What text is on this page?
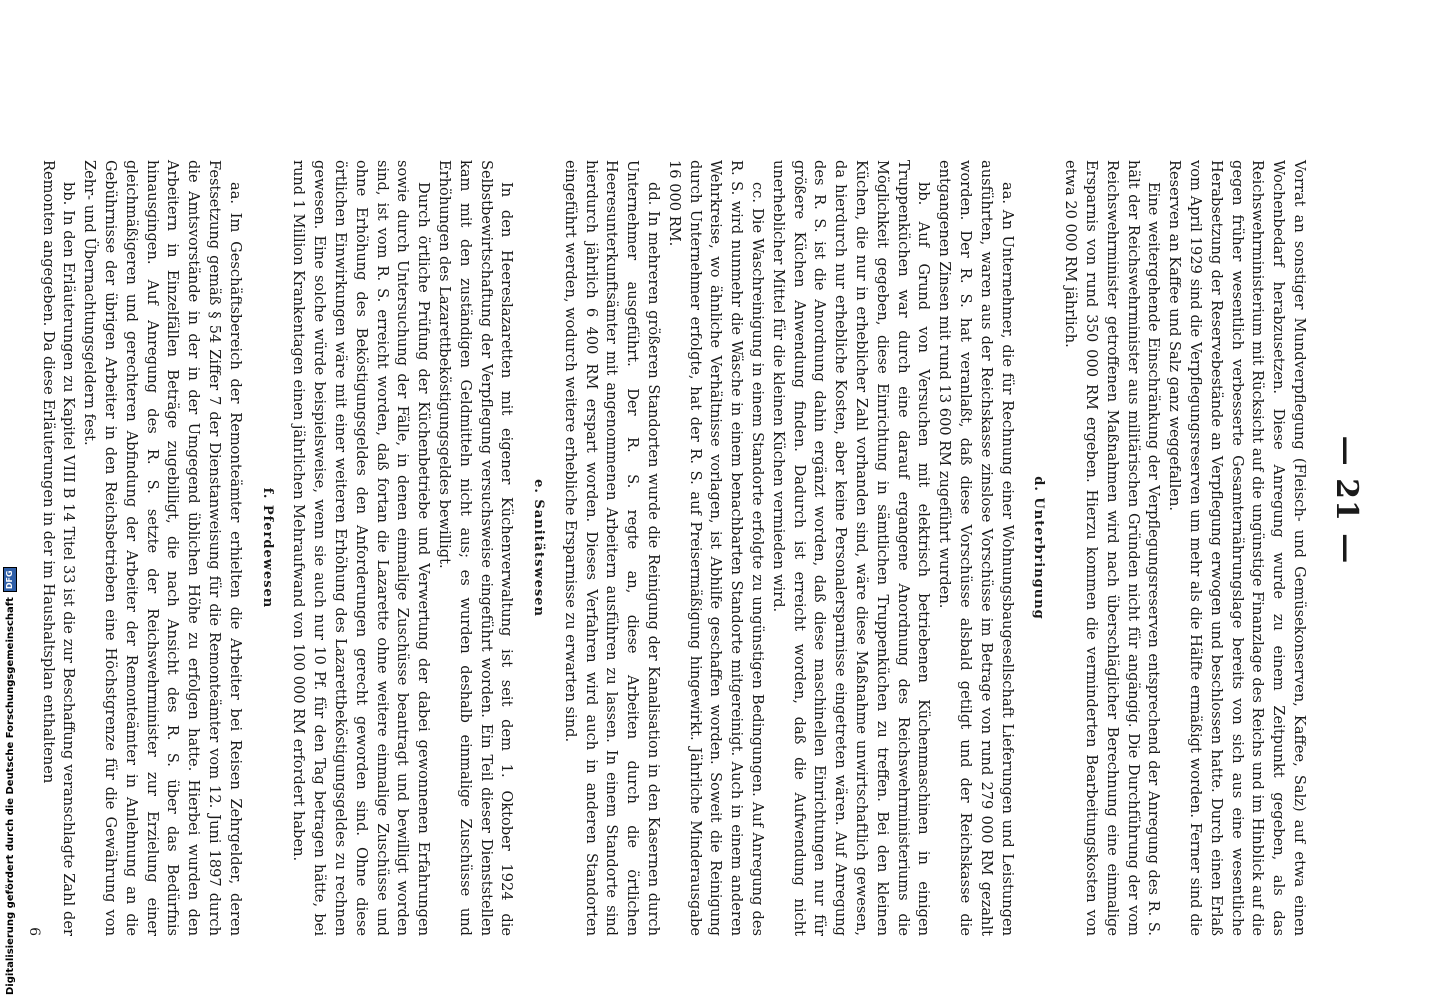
— 21 —

Vorrat an sonstiger Mundverpflegung (Fleisch- und Gemüsekonserven, Kaffee, Salz) auf etwa einen Wochenbedarf herabzusetzen. Diese Anregung wurde zu einem Zeitpunkt gegeben, als das Reichswehrministerium mit Rücksicht auf die ungünstige Finanzlage des Reichs und im Hinblick auf die gegen früher wesentlich verbesserte Gesamternährungslage bereits von sich aus eine wesentliche Herabsetzung der Reservebestände an Verpflegung erwogen und beschlossen hatte. Durch einen Erlaß vom April 1929 sind die Verpflegungsreserven um mehr als die Hälfte ermäßigt worden. Ferner sind die Reserven an Kaffee und Salz ganz weggefallen.

Eine weitergehende Einschränkung der Verpflegungsreserven entsprechend der Anregung des R. S. hält der Reichswehrminister aus militärischen Gründen nicht für angängig. Die Durchführung der vom Reichswehrminister getroffenen Maßnahmen wird nach überschläglicher Berechnung eine einmalige Ersparnis von rund 350 000 RM ergeben. Hierzu kommen die verminderten Bearbeitungskosten von etwa 20 000 RM jährlich.

d. Unterbringung

aa. An Unternehmer, die für Rechnung einer Wohnungsbaugesellschaft Lieferungen und Leistungen ausführten, waren aus der Reichskasse zinslose Vorschüsse im Betrage von rund 279 000 RM gezahlt worden. Der R. S. hat veranlaßt, daß diese Vorschüsse alsbald getilgt und der Reichskasse die entgangenen Zinsen mit rund 13 600 RM zugeführt wurden.

bb. Auf Grund von Versuchen mit elektrisch betriebenen Küchenmaschinen in einigen Truppenküchen war durch eine darauf ergangene Anordnung des Reichswehrministeriums die Möglichkeit gegeben, diese Einrichtung in sämtlichen Truppenküchen zu treffen. Bei den kleinen Küchen, die nur in erheblicher Zahl vorhanden sind, wäre diese Maßnahme unwirtschaftlich gewesen, da hierdurch nur erhebliche Kosten, aber keine Personalersparnisse eingetreten wären. Auf Anregung des R. S. ist die Anordnung dahin ergänzt worden, daß diese maschinellen Einrichtungen nur für größere Küchen Anwendung finden. Dadurch ist erreicht worden, daß die Aufwendung nicht unerheblicher Mittel für die kleinen Küchen vermieden wird.

cc. Die Waschreinigung in einem Standorte erfolgte zu ungünstigen Bedingungen. Auf Anregung des R. S. wird nunmehr die Wäsche in einem benachbarten Standorte mitgereinigt. Auch in einem anderen Wehrkreise, wo ähnliche Verhältnisse vorlagen, ist Abhilfe geschaffen worden. Soweit die Reinigung durch Unternehmer erfolgte, hat der R. S. auf Preisermäßigung hingewirkt. Jährliche Minderausgabe 16 000 RM.

dd. In mehreren größeren Standorten wurde die Reinigung der Kanalisation in den Kasernen durch Unternehmer ausgeführt. Der R. S. regte an, diese Arbeiten durch die örtlichen Heeresunterkunftsämter mit angenommenen Arbeitern ausführen zu lassen. In einem Standorte sind hierdurch jährlich 6 400 RM erspart worden. Dieses Verfahren wird auch in anderen Standorten eingeführt werden, wodurch weitere erhebliche Ersparnisse zu erwarten sind.

e. Sanitätswesen

In den Heereslazaretten mit eigener Küchenverwaltung ist seit dem 1. Oktober 1924 die Selbstbewirtschaftung der Verpflegung versuchsweise eingeführt worden. Ein Teil dieser Dienststellen kam mit den zuständigen Geldmitteln nicht aus; es wurden deshalb einmalige Zuschüsse und Erhöhungen des Lazarettbeköstigungsgeldes bewilligt.

Durch örtliche Prüfung der Küchenbetriebe und Verwertung der dabei gewonnenen Erfahrungen sowie durch Untersuchung der Fälle, in denen einmalige Zuschüsse beantragt und bewilligt worden sind, ist vom R. S. erreicht worden, daß fortan die Lazarette ohne weitere einmalige Zuschüsse und ohne Erhöhung des Beköstigungsgeldes den Anforderungen gerecht geworden sind. Ohne diese örtlichen Einwirkungen wäre mit einer weiteren Erhöhung des Lazarettbeköstigungsgeldes zu rechnen gewesen. Eine solche würde beispielsweise, wenn sie auch nur 10 Pf. für den Tag betragen hätte, bei rund 1 Million Krankentagen einen jährlichen Mehraufwand von 100 000 RM erfordert haben.

f. Pferdewesen

aa. Im Geschäftsbereich der Remonteämter erhielten die Arbeiter bei Reisen Zehrgelder, deren Festsetzung gemäß § 54 Ziffer 7 der Dienstanweisung für die Remonteämter vom 12. Juni 1897 durch die Amtsvorstände in der in der Umgegend üblichen Höhe zu erfolgen hatte. Hierbei wurden den Arbeitern in Einzelfällen Beträge zugebilligt, die nach Ansicht des R. S. über das Bedürfnis hinausgingen. Auf Anregung des R. S. setzte der Reichswehrminister zur Erzielung einer gleichmäßigeren und gerechteren Abfindung der Arbeiter der Remonteämter in Anlehnung an die Gebührnisse der übrigen Arbeiter in den Reichsbetrieben eine Höchstgrenze für die Gewährung von Zehr- und Übernachtungsgeldern fest.

bb. In den Erläuterungen zu Kapitel VIII B 14 Titel 33 ist die zur Beschaffung veranschlagte Zahl der Remonten angegeben. Da diese Erläuterungen in der im Haushaltsplan enthaltenen

6
Digitalisierung gefördert durch die Deutsche Forschungsgemeinschaft
DFG
